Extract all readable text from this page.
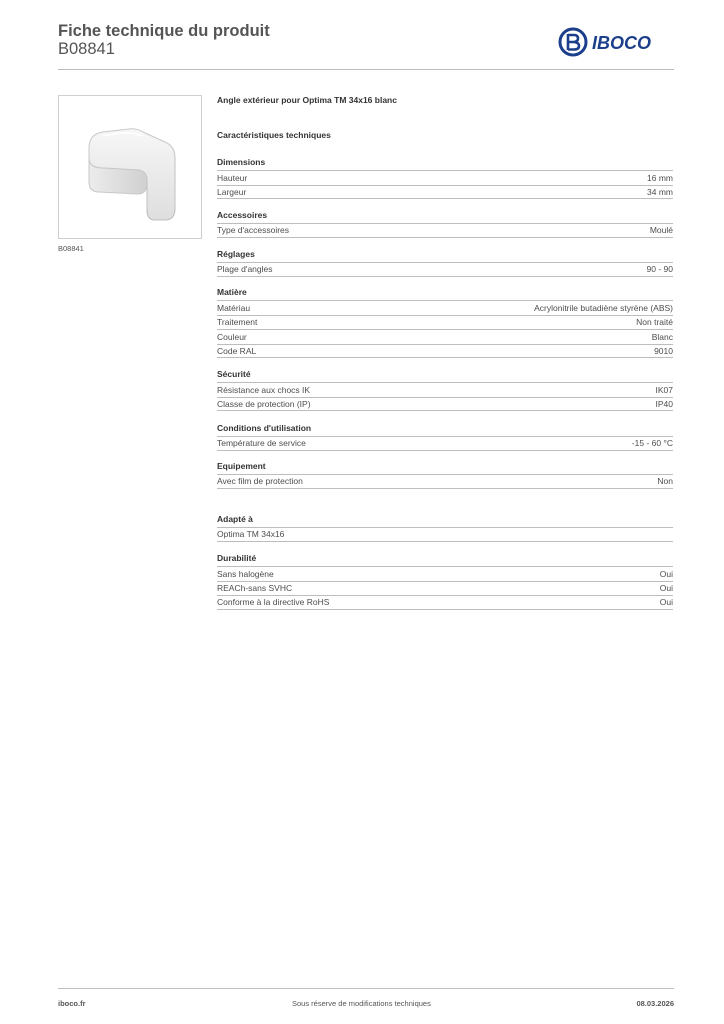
Fiche technique du produit
B08841	IBOCO
B08841
Angle extérieur pour Optima TM 34x16 blanc
Caractéristiques techniques
Dimensions
Hauteur	16 mm
Largeur	34 mm
Accessoires
Type d'accessoires	Moulé
Réglages
Plage d'angles	90 - 90
Matière
Matériau	Acrylonitrile butadiène styrène (ABS)
Traitement	Non traité
Couleur	Blanc
Code RAL	9010
Sécurité
Résistance aux chocs IK	IK07
Classe de protection (IP)	IP40
Conditions d'utilisation
Température de service	-15 - 60 °C
Equipement
Avec film de protection	Non
Adapté à
Optima TM 34x16
Durabilité
Sans halogène	Oui
REACh-sans SVHC	Oui
Conforme à la directive RoHS	Oui
iboco.fr	Sous réserve de modifications techniques	08.03.2026
